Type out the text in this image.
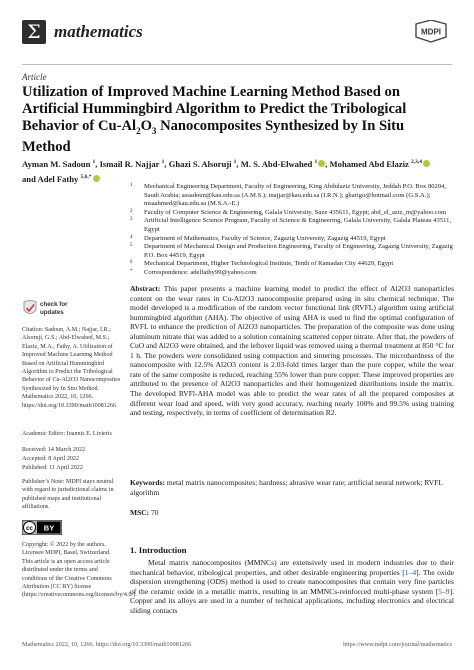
Σ mathematics	MDPI
Article
Utilization of Improved Machine Learning Method Based on Artificial Hummingbird Algorithm to Predict the Tribological Behavior of $Cu-Al_2O_3$ Nanocomposites Synthesized by In Situ Method
Ayman M. Sadoun $^1$, Ismail R. Najjar $^1$, Ghazi S. Alsoruji $^1$, M. S. Abd-Elwahed $^1$ , Mohamed Abd Elaziz $^{2,3,4}$
and Adel Fathy $^{5,6,*}$
1 Mechanical Engineering Department, Faculty of Engineering, King Abdulaziz University, Jeddah P.O. Box 80204, Saudi Arabia; assadoun@kau.edu.sa (A.M.S.); inajjar@kau.edu.sa (I.R.N.); gharigo@hotmail.com (G.S.A.); msaahmed@kau.edu.sa (M.S.A.-E.)
2 Faculty of Computer Science & Engineering, Galala University, Suze 435611, Egypt; abd_el_aziz_m@yahoo.com
3 Artificial Intelligence Science Program, Faculty of Science & Engineering, Galala University, Galala Plateau 43511, Egypt
4 Department of Mathematics, Faculty of Science, Zagazig University, Zagazig 44519, Egypt
5 Department of Mechanical Design and Production Engineering, Faculty of Engineering, Zagazig University, Zagazig P.O. Box 44519, Egypt
6 Mechanical Department, Higher Technological Institute, Tenth of Ramadan City 44629, Egypt
* Correspondence: adelfathy99@yahoo.com
check for
updates
Citation: Sadoun, A.M.; Najjar, I.R.; Alsoruji, G.S.; Abd-Elwahed, M.S.; Elaziz, M.A.; Fathy, A. Utilization of Improved Machine Learning Method Based on Artificial Hummingbird Algorithm to Predict the Tribological Behavior of Cu-Al2O3 Nanocomposites Synthesized by In Situ Method. Mathematics 2022, 10, 1266. https://doi.org/10.3390/math10081266
Academic Editor: Ioannis E. Livieris
Received: 14 March 2022
Accepted: 8 April 2022
Published: 11 April 2022
Publisher’s Note: MDPI stays neutral with regard to jurisdictional claims in published maps and institutional affiliations.
cc BY
Copyright: © 2022 by the authors. Licensee MDPI, Basel, Switzerland. This article is an open access article distributed under the terms and conditions of the Creative Commons Attribution (CC BY) license (https://creativecommons.org/licenses/by/4.0/).
Abstract: This paper presents a machine learning model to predict the effect of Al2O3 nanoparticles content on the wear rates in Cu-Al2O3 nanocomposite prepared using in situ chemical technique. The model developed is a modification of the random vector functional link (RVFL) algorithm using artificial hummingbird algorithm (AHA). The objective of using AHA is used to find the optimal configuration of RVFL to enhance the prediction of Al2O3 nanoparticles. The preparation of the composite was done using aluminum nitrate that was added to a solution containing scattered copper nitrate. After that, the powders of CuO and Al2O3 were obtained, and the leftover liquid was removed using a thermal treatment at 850 °C for 1 h. The powders were consolidated using compaction and sintering processes. The microhardness of the nanocomposite with 12.5% Al2O3 content is 2.03-fold times larger than the pure copper, while the wear rate of the same composite is reduced, reaching 55% lower than pure copper. These improved properties are attributed to the presence of Al2O3 nanoparticles and their homogenized distributions inside the matrix. The developed RVFl-AHA model was able to predict the wear rates of all the prepared composites at different wear load and speed, with very good accuracy, reaching nearly 100% and 99.5% using training and testing, respectively, in terms of coefficient of determination R2.
Keywords: metal matrix nanocomposites; hardness; abrasive wear rate; artificial neural network; RVFL algorithm
MSC: 70
1. Introduction
Metal matrix nanocomposites (MMNCs) are extensively used in modern industries due to their mechanical behavior, tribological properties, and other desirable engineering properties [1–4]. The oxide dispersion strengthening (ODS) method is used to create nanocomposites that contain very fine particles of the ceramic oxide in a metallic matrix, resulting in an MMNCs-reinforced multi-phase system [5–9]. Copper and its alloys are used in a number of technical applications, including electronics and electrical sliding contacts
Mathematics 2022, 10, 1266. https://doi.org/10.3390/math10081266	https://www.mdpi.com/journal/mathematics
